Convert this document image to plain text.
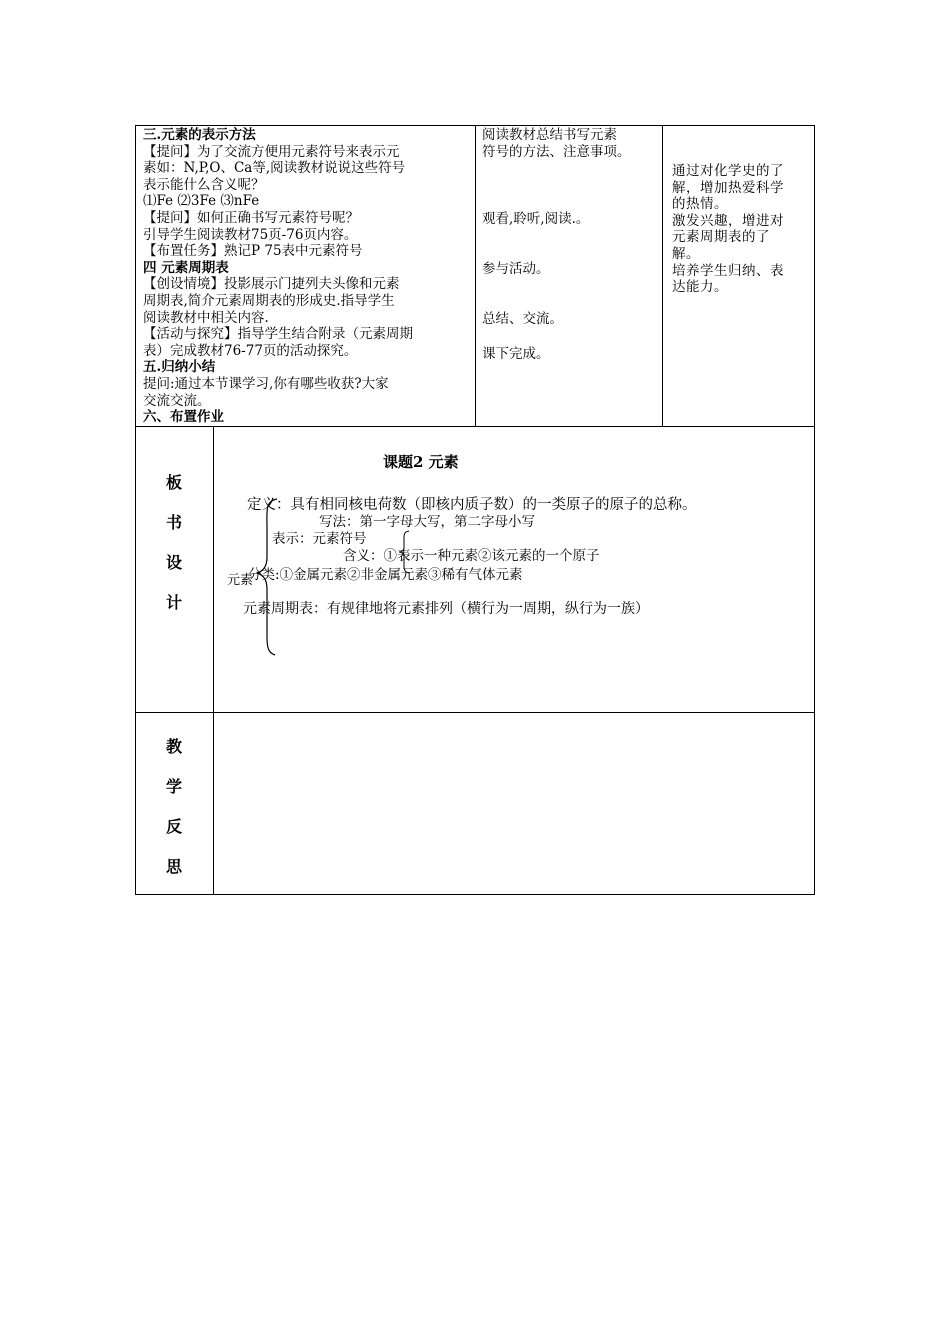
三.元素的表示方法

【提问】为了交流方便用元素符号来表示元

素如：N,P,O、Ca等,阅读教材说说这些符号

表示能什么含义呢？

⑴Fe ⑵3Fe ⑶nFe

【提问】如何正确书写元素符号呢？

引导学生阅读教材75页-76页内容。

【布置任务】熟记P 75表中元素符号

四 元素周期表

【创设情境】投影展示门捷列夫头像和元素

周期表,简介元素周期表的形成史.指导学生

阅读教材中相关内容.

【活动与探究】指导学生结合附录（元素周期

表）完成教材76-77页的活动探究。

五.归纳小结

提问:通过本节课学习,你有哪些收获?大家

交流交流。

六、布置作业

阅读教材总结书写元素

符号的方法、注意事项。

观看,聆听,阅读.。

参与活动。

总结、交流。

课下完成。

通过对化学史的了

解，增加热爱科学

的热情。

激发兴趣，增进对

元素周期表的了

解。

培养学生归纳、表

达能力。

板
书
设
计
课题2 元素
定义：具有相同核电荷数（即核内质子数）的一类原子的原子的总称。
写法：第一字母大写，第二字母小写
表示：元素符号
含义：①表示一种元素②该元素的一个原子
元素
分类:①金属元素②非金属元素③稀有气体元素
元素周期表：有规律地将元素排列（横行为一周期，纵行为一族）
教
学
反
思
